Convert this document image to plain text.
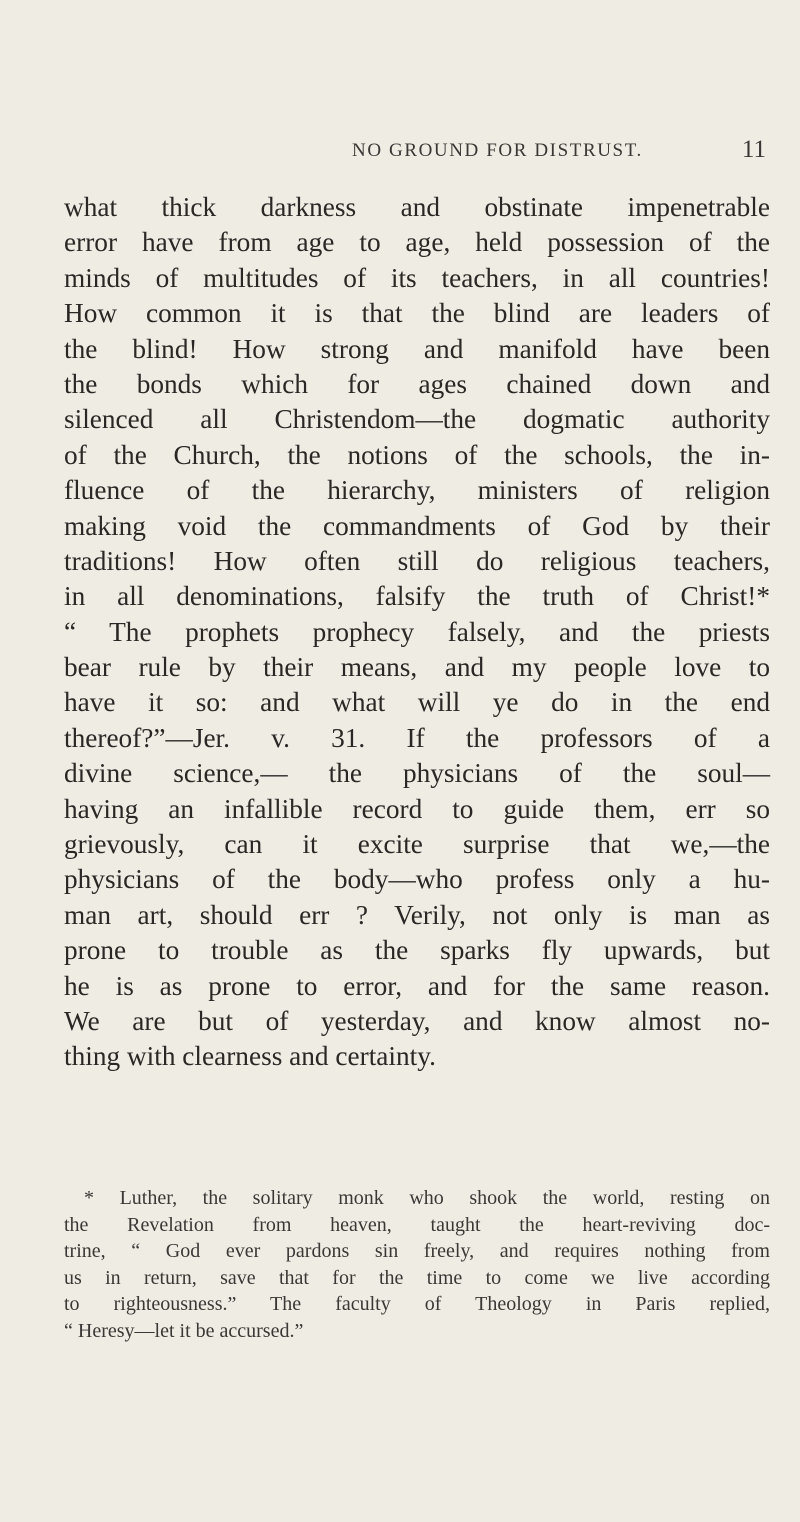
NO GROUND FOR DISTRUST.	11
what thick darkness and obstinate impenetrable
error have from age to age, held possession of the
minds of multitudes of its teachers, in all countries!
How common it is that the blind are leaders of
the blind! How strong and manifold have been
the bonds which for ages chained down and
silenced all Christendom—the dogmatic authority
of the Church, the notions of the schools, the in-
fluence of the hierarchy, ministers of religion
making void the commandments of God by their
traditions! How often still do religious teachers,
in all denominations, falsify the truth of Christ!*
“ The prophets prophecy falsely, and the priests
bear rule by their means, and my people love to
have it so: and what will ye do in the end
thereof?”—Jer. v. 31. If the professors of a
divine science,— the physicians of the soul—
having an infallible record to guide them, err so
grievously, can it excite surprise that we,—the
physicians of the body—who profess only a hu-
man art, should err ? Verily, not only is man as
prone to trouble as the sparks fly upwards, but
he is as prone to error, and for the same reason.
We are but of yesterday, and know almost no-
thing with clearness and certainty.
* Luther, the solitary monk who shook the world, resting on
the Revelation from heaven, taught the heart-reviving doc-
trine, “ God ever pardons sin freely, and requires nothing from
us in return, save that for the time to come we live according
to righteousness.” The faculty of Theology in Paris replied,
“ Heresy—let it be accursed.”
